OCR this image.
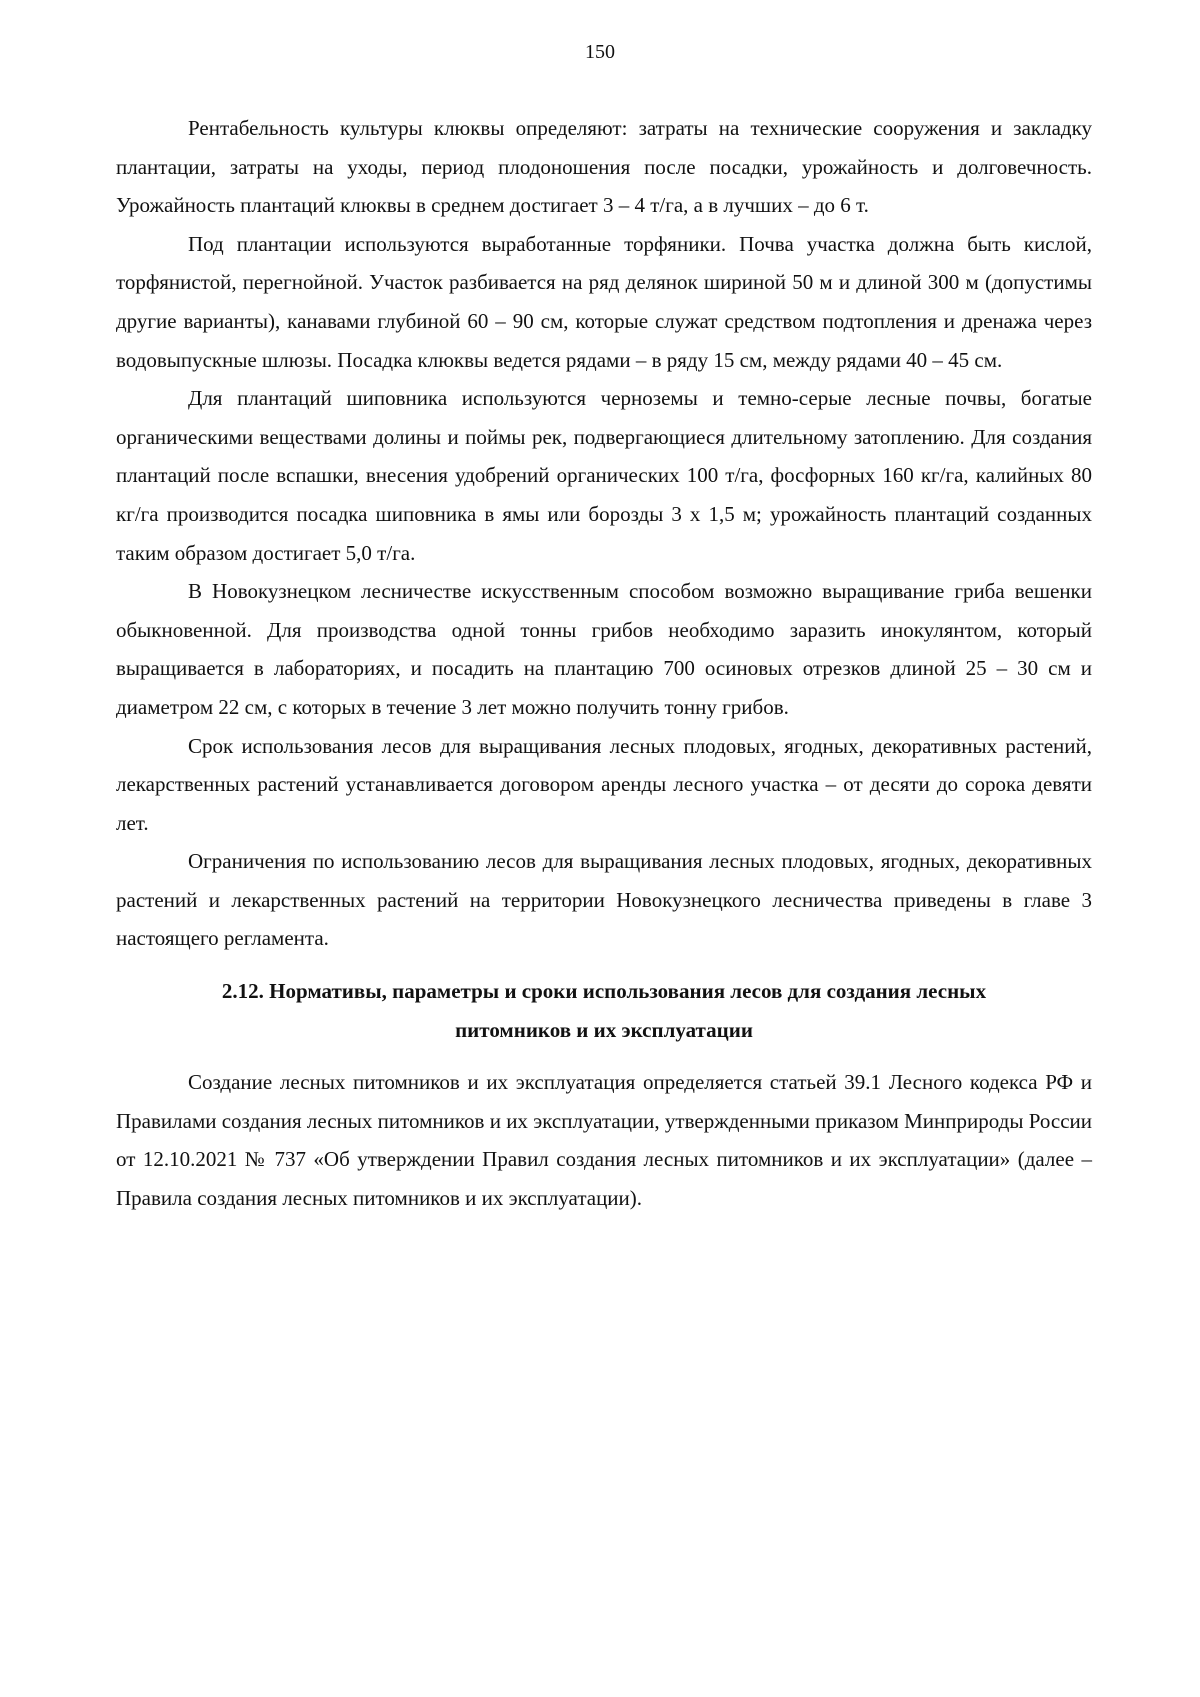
150

Рентабельность культуры клюквы определяют: затраты на технические сооружения и закладку плантации, затраты на уходы, период плодоношения после посадки, урожайность и долговечность. Урожайность плантаций клюквы в среднем достигает 3 – 4 т/га, а в лучших – до 6 т.

Под плантации используются выработанные торфяники. Почва участка должна быть кислой, торфянистой, перегнойной. Участок разбивается на ряд делянок шириной 50 м и длиной 300 м (допустимы другие варианты), канавами глубиной 60 – 90 см, которые служат средством подтопления и дренажа через водовыпускные шлюзы. Посадка клюквы ведется рядами – в ряду 15 см, между рядами 40 – 45 см.

Для плантаций шиповника используются черноземы и темно-серые лесные почвы, богатые органическими веществами долины и поймы рек, подвергающиеся длительному затоплению. Для создания плантаций после вспашки, внесения удобрений органических 100 т/га, фосфорных 160 кг/га, калийных 80 кг/га производится посадка шиповника в ямы или борозды 3 х 1,5 м; урожайность плантаций созданных таким образом достигает 5,0 т/га.

В Новокузнецком лесничестве искусственным способом возможно выращивание гриба вешенки обыкновенной. Для производства одной тонны грибов необходимо заразить инокулянтом, который выращивается в лабораториях, и посадить на плантацию 700 осиновых отрезков длиной 25 – 30 см и диаметром 22 см, с которых в течение 3 лет можно получить тонну грибов.

Срок использования лесов для выращивания лесных плодовых, ягодных, декоративных растений, лекарственных растений устанавливается договором аренды лесного участка – от десяти до сорока девяти лет.

Ограничения по использованию лесов для выращивания лесных плодовых, ягодных, декоративных растений и лекарственных растений на территории Новокузнецкого лесничества приведены в главе 3 настоящего регламента.

2.12. Нормативы, параметры и сроки использования лесов для создания лесных питомников и их эксплуатации

Создание лесных питомников и их эксплуатация определяется статьей 39.1 Лесного кодекса РФ и Правилами создания лесных питомников и их эксплуатации, утвержденными приказом Минприроды России от 12.10.2021 № 737 «Об утверждении Правил создания лесных питомников и их эксплуатации» (далее – Правила создания лесных питомников и их эксплуатации).
